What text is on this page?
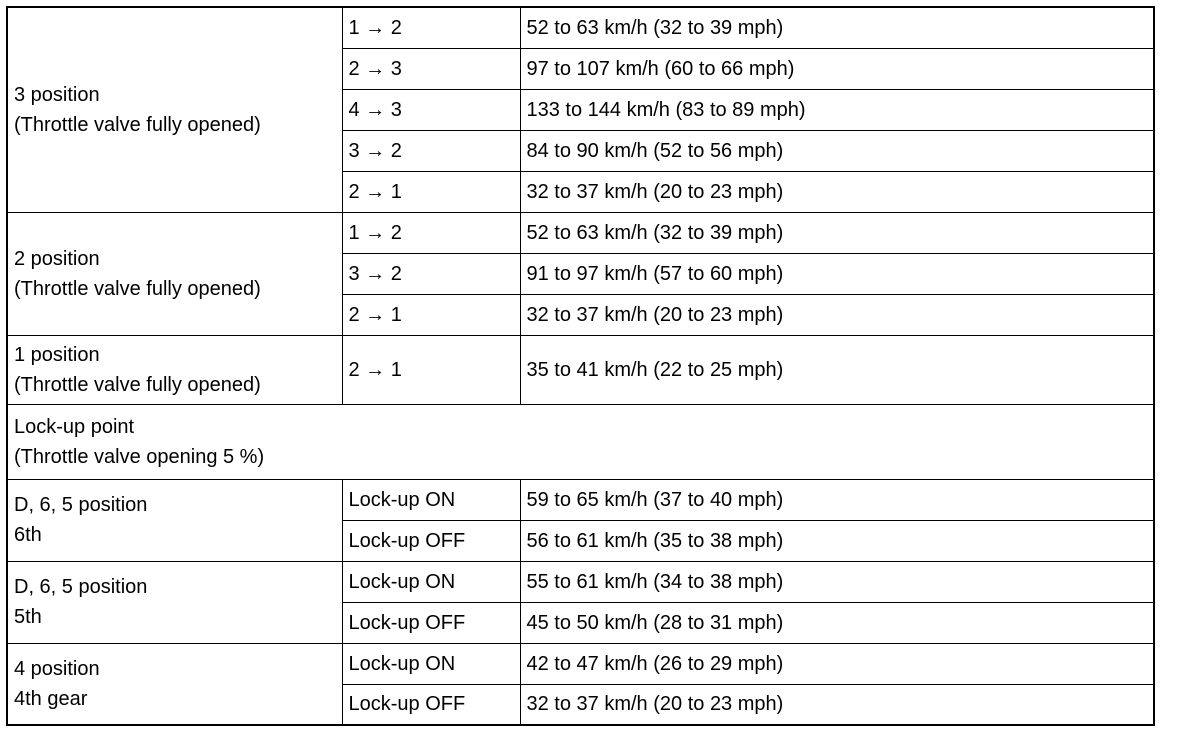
3 position
(Throttle valve fully opened)	1 → 2	52 to 63 km/h (32 to 39 mph)
	2 → 3	97 to 107 km/h (60 to 66 mph)
	4 → 3	133 to 144 km/h (83 to 89 mph)
	3 → 2	84 to 90 km/h (52 to 56 mph)
	2 → 1	32 to 37 km/h (20 to 23 mph)
2 position
(Throttle valve fully opened)	1 → 2	52 to 63 km/h (32 to 39 mph)
	3 → 2	91 to 97 km/h (57 to 60 mph)
	2 → 1	32 to 37 km/h (20 to 23 mph)
1 position
(Throttle valve fully opened)	2 → 1	35 to 41 km/h (22 to 25 mph)
Lock-up point
(Throttle valve opening 5 %)		
D, 6, 5 position
6th	Lock-up ON	59 to 65 km/h (37 to 40 mph)
	Lock-up OFF	56 to 61 km/h (35 to 38 mph)
D, 6, 5 position
5th	Lock-up ON	55 to 61 km/h (34 to 38 mph)
	Lock-up OFF	45 to 50 km/h (28 to 31 mph)
4 position
4th gear	Lock-up ON	42 to 47 km/h (26 to 29 mph)
	Lock-up OFF	32 to 37 km/h (20 to 23 mph)
